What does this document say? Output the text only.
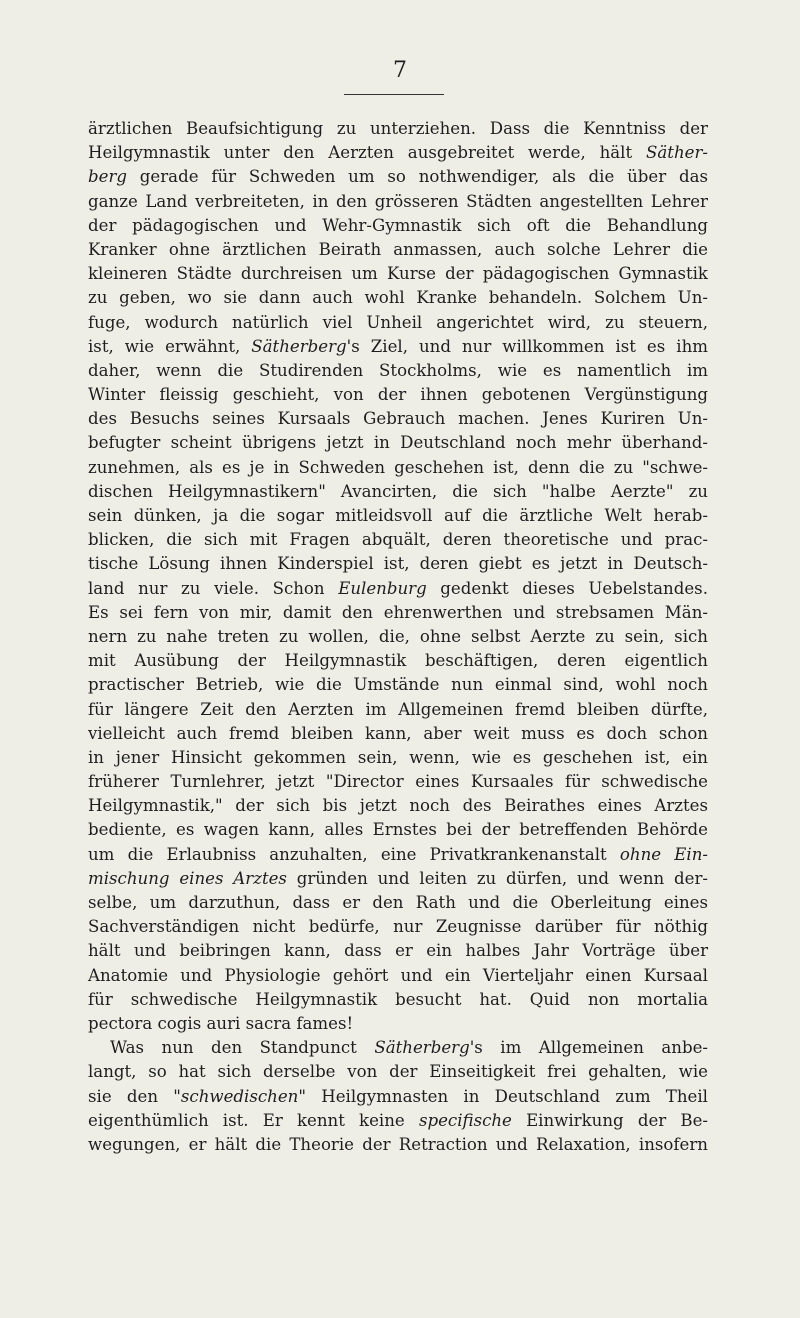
7
ärztlichen Beaufsichtigung zu unterziehen. Dass die Kenntniss der
Heilgymnastik unter den Aerzten ausgebreitet werde, hält Säther-
berg gerade für Schweden um so nothwendiger, als die über das
ganze Land verbreiteten, in den grösseren Städten angestellten Lehrer
der pädagogischen und Wehr-Gymnastik sich oft die Behandlung
Kranker ohne ärztlichen Beirath anmassen, auch solche Lehrer die
kleineren Städte durchreisen um Kurse der pädagogischen Gymnastik
zu geben, wo sie dann auch wohl Kranke behandeln. Solchem Un-
fuge, wodurch natürlich viel Unheil angerichtet wird, zu steuern,
ist, wie erwähnt, Sätherberg's Ziel, und nur willkommen ist es ihm
daher, wenn die Studirenden Stockholms, wie es namentlich im
Winter fleissig geschieht, von der ihnen gebotenen Vergünstigung
des Besuchs seines Kursaals Gebrauch machen. Jenes Kuriren Un-
befugter scheint übrigens jetzt in Deutschland noch mehr überhand-
zunehmen, als es je in Schweden geschehen ist, denn die zu "schwe-
dischen Heilgymnastikern" Avancirten, die sich "halbe Aerzte" zu
sein dünken, ja die sogar mitleidsvoll auf die ärztliche Welt herab-
blicken, die sich mit Fragen abquält, deren theoretische und prac-
tische Lösung ihnen Kinderspiel ist, deren giebt es jetzt in Deutsch-
land nur zu viele. Schon Eulenburg gedenkt dieses Uebelstandes.
Es sei fern von mir, damit den ehrenwerthen und strebsamen Män-
nern zu nahe treten zu wollen, die, ohne selbst Aerzte zu sein, sich
mit Ausübung der Heilgymnastik beschäftigen, deren eigentlich
practischer Betrieb, wie die Umstände nun einmal sind, wohl noch
für längere Zeit den Aerzten im Allgemeinen fremd bleiben dürfte,
vielleicht auch fremd bleiben kann, aber weit muss es doch schon
in jener Hinsicht gekommen sein, wenn, wie es geschehen ist, ein
früherer Turnlehrer, jetzt "Director eines Kursaales für schwedische
Heilgymnastik," der sich bis jetzt noch des Beirathes eines Arztes
bediente, es wagen kann, alles Ernstes bei der betreffenden Behörde
um die Erlaubniss anzuhalten, eine Privatkrankenanstalt ohne Ein-
mischung eines Arztes gründen und leiten zu dürfen, und wenn der-
selbe, um darzuthun, dass er den Rath und die Oberleitung eines
Sachverständigen nicht bedürfe, nur Zeugnisse darüber für nöthig
hält und beibringen kann, dass er ein halbes Jahr Vorträge über
Anatomie und Physiologie gehört und ein Vierteljahr einen Kursaal
für schwedische Heilgymnastik besucht hat. Quid non mortalia
pectora cogis auri sacra fames!
Was nun den Standpunct Sätherberg's im Allgemeinen anbe-
langt, so hat sich derselbe von der Einseitigkeit frei gehalten, wie
sie den "schwedischen" Heilgymnasten in Deutschland zum Theil
eigenthümlich ist. Er kennt keine specifische Einwirkung der Be-
wegungen, er hält die Theorie der Retraction und Relaxation, insofern
